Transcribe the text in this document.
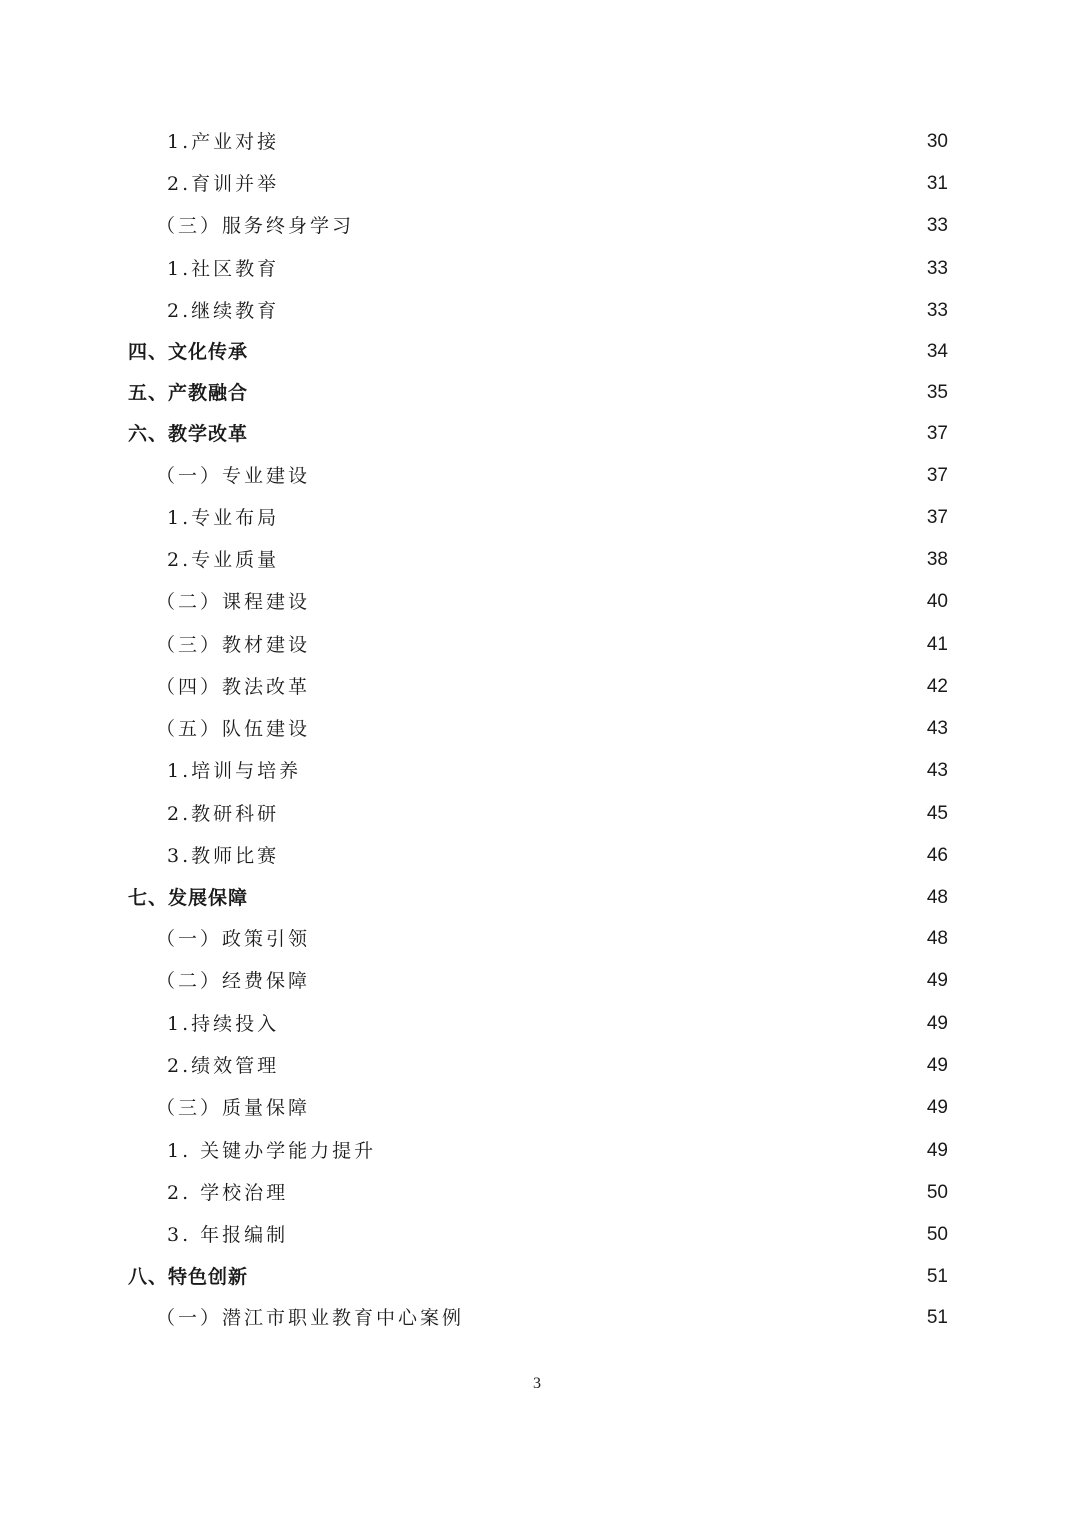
1.产业对接	30
2.育训并举	31
（三）服务终身学习	33
1.社区教育	33
2.继续教育	33
四、文化传承	34
五、产教融合	35
六、教学改革	37
（一）专业建设	37
1.专业布局	37
2.专业质量	38
（二）课程建设	40
（三）教材建设	41
（四）教法改革	42
（五）队伍建设	43
1.培训与培养	43
2.教研科研	45
3.教师比赛	46
七、发展保障	48
（一）政策引领	48
（二）经费保障	49
1.持续投入	49
2.绩效管理	49
（三）质量保障	49
1. 关键办学能力提升	49
2. 学校治理	50
3. 年报编制	50
八、特色创新	51
（一）潜江市职业教育中心案例	51
3
